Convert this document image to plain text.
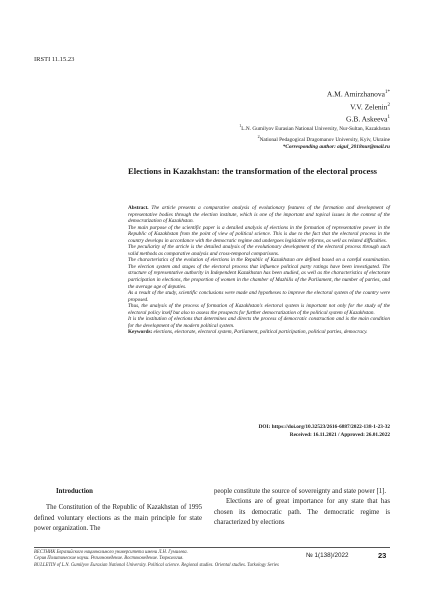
IRSTI 11.15.23
A.M. Amirzhanova$^{1*}$
V.V. Zelenin$^2$
G.B. Askeeva$^1$
$^1$L.N. Gumilyov Eurasian National University, Nur-Sultan, Kazakhstan
$^2$National Pedagogical Dragomanov University, Kyiv, Ukraine
*Corresponding author: aigul_2018nur@mail.ru
Elections in Kazakhstan: the transformation of the electoral process

Abstract. The article presents a comparative analysis of evolutionary features of the formation and development of representative bodies through the election institute, which is one of the important and topical issues in the context of the democratization of Kazakhstan.

The main purpose of the scientific paper is a detailed analysis of elections in the formation of representative power in the Republic of Kazakhstan from the point of view of political science. This is due to the fact that the electoral process in the country develops in accordance with the democratic regime and undergoes legislative reforms, as well as related difficulties.

The peculiarity of the article is the detailed analysis of the evolutionary development of the electoral process through such valid methods as comparative analysis and cross-temporal comparisons.

The characteristics of the evolution of elections in the Republic of Kazakhstan are defined based on a careful examination. The election system and stages of the electoral process that influence political party ratings have been investigated. The structure of representative authority in Independent Kazakhstan has been studied, as well as the characteristics of electorate participation in elections, the proportion of women in the chamber of Mazhilis of the Parliament, the number of parties, and the average age of deputies.

As a result of the study, scientific conclusions were made and hypotheses to improve the electoral system of the country were proposed.

Thus, the analysis of the process of formation of Kazakhstan's electoral system is important not only for the study of the electoral policy itself but also to assess the prospects for further democratization of the political system of Kazakhstan.

It is the institution of elections that determines and directs the process of democratic construction and is the main condition for the development of the modern political system.

Keywords: elections, electorate, electoral system, Parliament, political participation, political parties, democracy.

DOI: https://doi.org/10.32523/2616-6887/2022-138-1-23-32
Received: 16.11.2021 / Approved: 26.01.2022

Introduction

The Constitution of the Republic of Kazakhstan of 1995 defined voluntary elections as the main principle for state power organization. The

people constitute the source of sovereignty and state power [1].

Elections are of great importance for any state that has chosen its democratic path. The democratic regime is characterized by elections

ВЕСТНИК Евразийского национального университета имени Л.Н. Гумилева.
Серия Политические науки. Регионоведение. Востоковедение. Тюркология.
BULLETIN of L.N. Gumilyov Eurasian National University. Political science. Regional studies. Oriental studies. Turkology Series
№ 1(138)/2022	23
